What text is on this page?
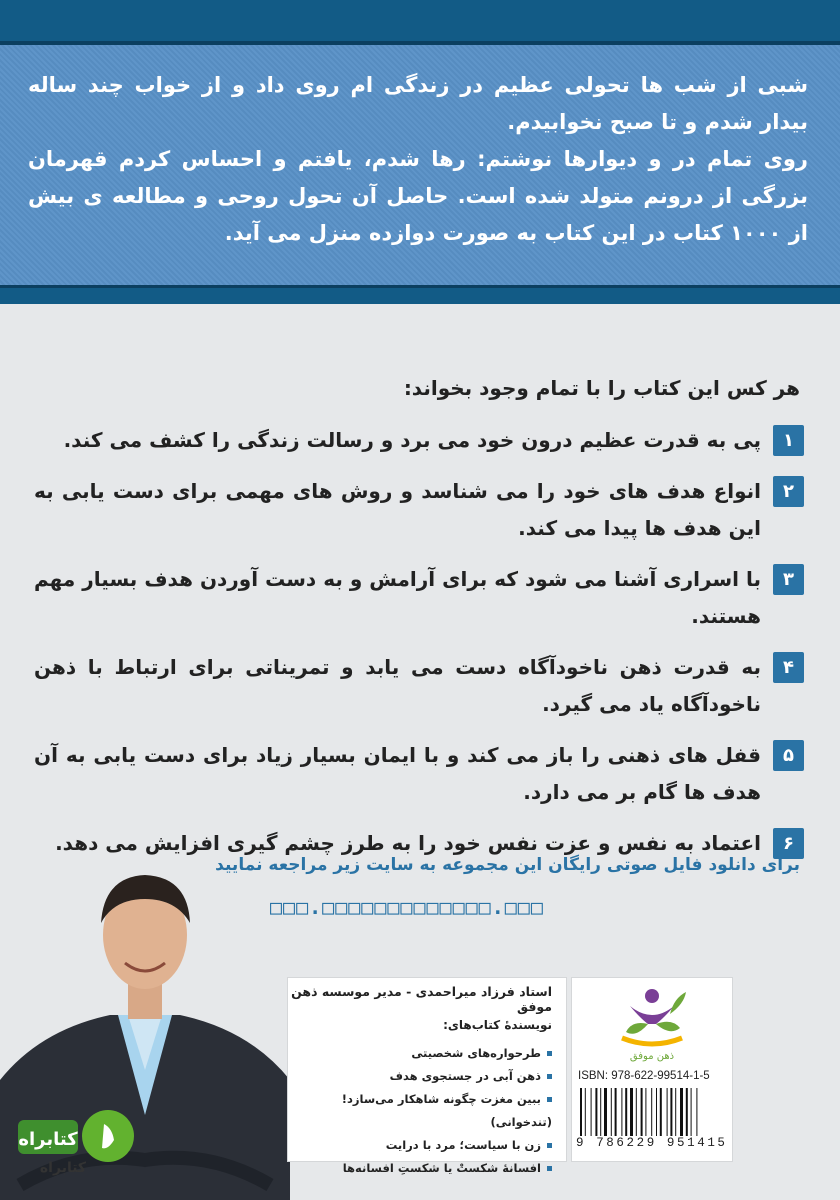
شبی از شب ها تحولی عظیم در زندگی ام روی داد و از خواب چند ساله بیدار شدم و تا صبح نخوابیدم.

روی تمام در و دیوارها نوشتم: رها شدم، یافتم و احساس کردم قهرمان بزرگی از درونم متولد شده است. حاصل آن تحول روحی و مطالعه ی بیش از ۱۰۰۰ کتاب در این کتاب به صورت دوازده منزل می آید.

هر کس این کتاب را با تمام وجود بخواند:
۱
پی به قدرت عظیم درون خود می برد و رسالت زندگی را کشف می کند.
۲
انواع هدف های خود را می شناسد و روش های مهمی برای دست یابی به این هدف ها پیدا می کند.
۳
با اسراری آشنا می شود که برای آرامش و به دست آوردن هدف بسیار مهم هستند.
۴
به قدرت ذهن ناخودآگاه دست می یابد و تمریناتی برای ارتباط با ذهن ناخودآگاه یاد می گیرد.
۵
قفل های ذهنی را باز می کند و با ایمان بسیار زیاد برای دست یابی به آن هدف ها گام بر می دارد.
۶
اعتماد به نفس و عزت نفس خود را به طرز چشم گیری افزایش می دهد.
برای دانلود فایل صوتی رایگان این مجموعه به سایت زیر مراجعه نمایید
□□□.□□□□□□□□□□□□□.□□□
استاد فرزاد میراحمدی - مدیر موسسه ذهن موفق
نویسندهٔ کتاب‌های:
طرحواره‌های شخصیتی
ذهن آبی در جستجوی هدف
ببین مغزت چگونه شاهکار می‌سازد! (تندخوانی)
زن با سیاست؛ مرد با درایت
افسانهٔ شکستْ یا شکستِ افسانه‌ها
ذهن موفق
ISBN: 978-622-99514-1-5
9 786229 951415
کتابراه
کتابراه
